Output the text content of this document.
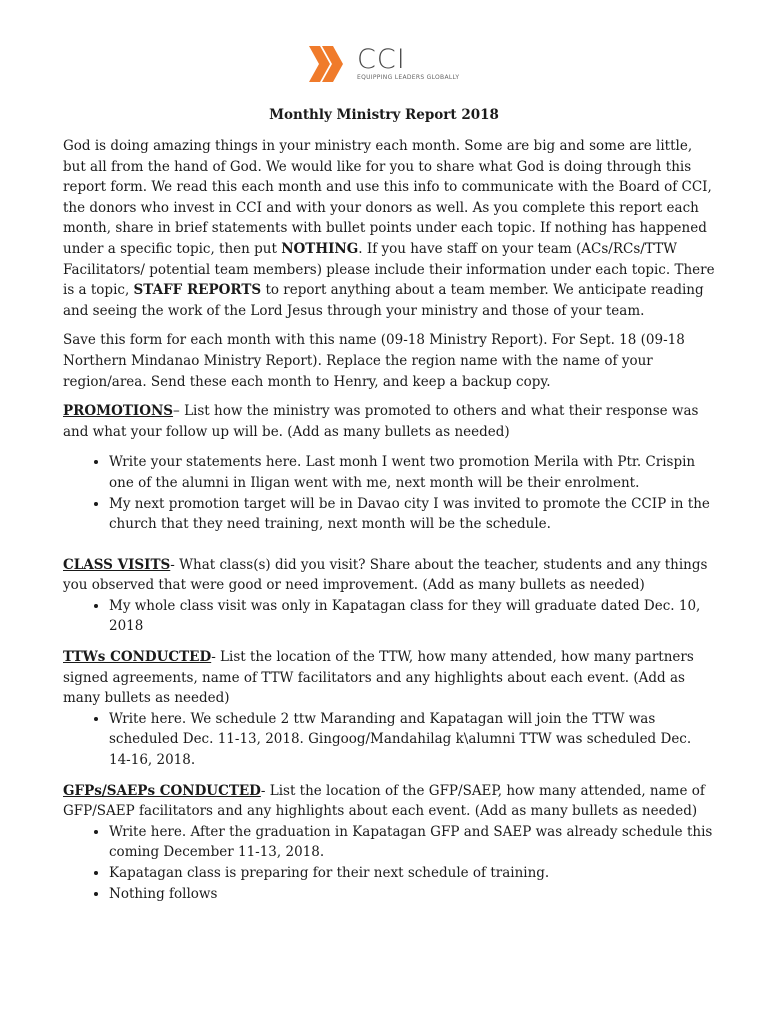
CCI
EQUIPPING LEADERS GLOBALLY
Monthly Ministry Report 2018

God is doing amazing things in your ministry each month. Some are big and some are little, but all from the hand of God. We would like for you to share what God is doing through this report form. We read this each month and use this info to communicate with the Board of CCI, the donors who invest in CCI and with your donors as well. As you complete this report each month, share in brief statements with bullet points under each topic. If nothing has happened under a specific topic, then put NOTHING. If you have staff on your team (ACs/RCs/TTW Facilitators/ potential team members) please include their information under each topic. There is a topic, STAFF REPORTS to report anything about a team member. We anticipate reading and seeing the work of the Lord Jesus through your ministry and those of your team.

Save this form for each month with this name (09-18 Ministry Report). For Sept. 18 (09-18 Northern Mindanao Ministry Report). Replace the region name with the name of your region/area. Send these each month to Henry, and keep a backup copy.

PROMOTIONS– List how the ministry was promoted to others and what their response was and what your follow up will be. (Add as many bullets as needed)

• Write your statements here. Last monh I went two promotion Merila with Ptr. Crispin one of the alumni in Iligan went with me, next month will be their enrolment.
• My next promotion target will be in Davao city I was invited to promote the CCIP in the church that they need training, next month will be the schedule.

CLASS VISITS- What class(s) did you visit? Share about the teacher, students and any things you observed that were good or need improvement. (Add as many bullets as needed)

• My whole class visit was only in Kapatagan class for they will graduate dated Dec. 10, 2018

TTWs CONDUCTED- List the location of the TTW, how many attended, how many partners signed agreements, name of TTW facilitators and any highlights about each event. (Add as many bullets as needed)

• Write here. We schedule 2 ttw Maranding and Kapatagan will join the TTW was scheduled Dec. 11-13, 2018. Gingoog/Mandahilag k\alumni TTW was scheduled Dec. 14-16, 2018.

GFPs/SAEPs CONDUCTED- List the location of the GFP/SAEP, how many attended, name of GFP/SAEP facilitators and any highlights about each event. (Add as many bullets as needed)

• Write here. After the graduation in Kapatagan GFP and SAEP was already schedule this coming December 11-13, 2018.
• Kapatagan class is preparing for their next schedule of training.
• Nothing follows
